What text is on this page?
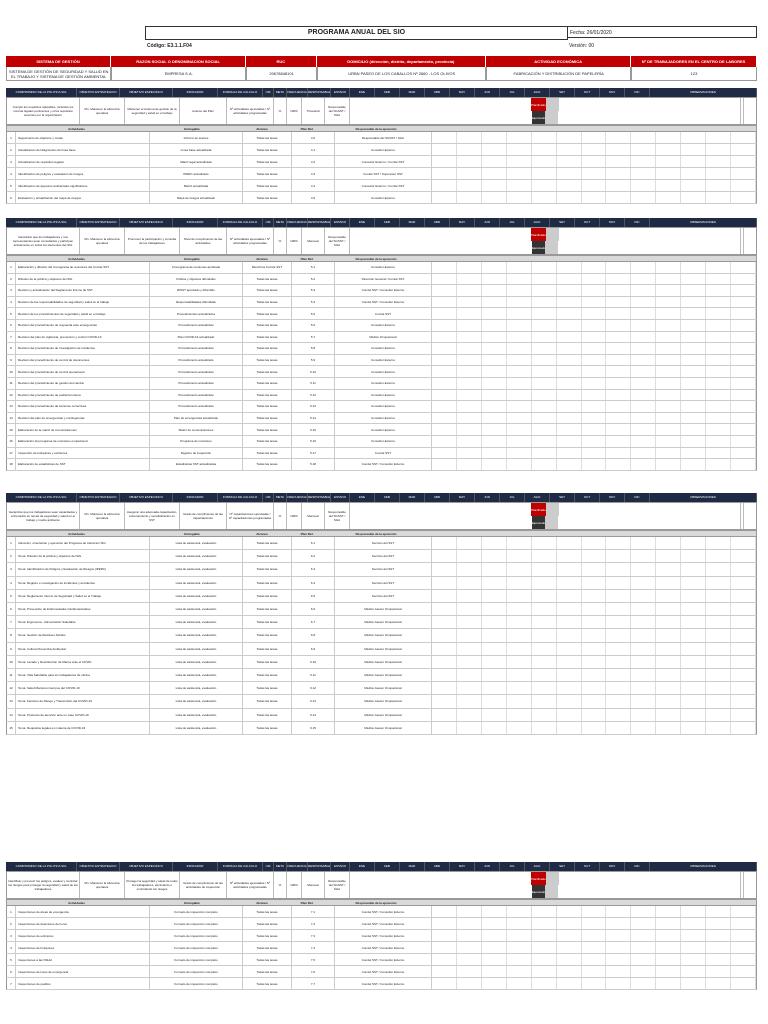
PROGRAMA ANUAL DEL SIO	Fecha: 26/01/2020
Código: E3.1.1.F04	Versión: 00
SISTEMA DE GESTIÓN	RAZON SOCIAL O DENOMINACION SOCIAL	RUC	DOMICILIO (dirección, distrito, departamento, provincia)	ACTIVIDAD ECONÓMICA	Nº DE TRABAJADORES EN EL CENTRO DE LABORES
SISTEMA DE GESTIÓN DE SEGURIDAD Y SALUD EN EL TRABAJO Y SISTEMA DE GESTIÓN AMBIENTAL	EMPRESA S.A.	20678848101	URBN PASEO DE LOS CABALLOS Nº 2660 - LOS OLIVOS	FABRICACIÓN Y DISTRIBUCIÓN DE PAPELERÍA	123
COMPROMISO DE LA POLITICA SIG	OBJETIVO ESTRATEGICO	OBJETIVO ESPECIFICO	INDICADOR	FORMULA DE CALCULO	UM	META	FRECUENCIA RESPONSABLE	ESTADO	ENE	FEB	MAR	ABR	MAY	JUN	JUL	AGO	SET	OCT	NOV	DIC	OBSERVACIONES
Cumplir los requisitos aplicables, incluidos los normas legales pertinentes y otros requisitos suscritos por la organización
Mn. Mantener la eficiencia operativa
Mantener el sistema de gestión de la seguridad y salud en el trabajo	Avance del Plan	Nº actividades ejecutadas / Nº actividades programadas	%	100%	Trimestral
Responsable del SGSST / SGA
Planificado
Ejecutado
Actividades	Entregable	Alcance	Plan Ref.	Responsable de la ejecución
1	Seguimiento de objetivos y metas	Informe de avance	Todas las áreas	4.0	Responsable del SGSST / SGA
2	Actualización del diagnóstico de línea base	Línea base actualizada	Todas las áreas	4.1	Consultor Externo
3	Actualización de requisitos legales	Matriz legal actualizada	Todas las áreas	4.2	Consultor Externo / Comité SST
4	Identificación de peligros y evaluación de riesgos	IPERC actualizado	Todas las áreas	4.3	Comité SST / Supervisor SST
5	Identificación de aspectos ambientales significativos	Matriz actualizada	Todas las áreas	4.4	Consultor Externo / Comité SST
6	Evaluación y actualización del mapa de riesgos	Mapa de riesgos actualizado	Todas las áreas	4.5	Consultor Externo
COMPROMISO DE LA POLITICA SIG	OBJETIVO ESTRATEGICO	OBJETIVO ESPECIFICO	INDICADOR	FORMULA DE CALCULO	UM	META	FRECUENCIA RESPONSABLE	ESTADO	ENE	FEB	MAR	ABR	MAY	JUN	JUL	AGO	SET	OCT	NOV	DIC	OBSERVACIONES
Garantizar que los trabajadores y sus representantes sean consultados y participen activamente en todos los elementos del SIG
Mn. Mantener la eficiencia operativa
Promover la participación y consulta de los trabajadores
Nivel de cumplimiento de las actividades
Nº actividades ejecutadas / Nº actividades programadas	%	100%	Mensual
Responsable del SGSST / SGA
Planificado
Ejecutado
Actividades	Entregable	Alcance	Plan Ref.	Responsable de la ejecución
1	Elaboración y difusión del cronograma de reuniones del Comité SST	Cronograma de reuniones aprobado	Miembros Comité SST	5.1	Consultor Externo
2	Difusión de la política y objetivos del SIG	Política y objetivos difundidos	Todas las áreas	5.2	Dirección General / Comité SST
3	Revisión y actualización del Reglamento Interno de SST	RISST aprobado y difundido	Todas las áreas	5.3	Comité SST / Consultor Externo
4	Revisión de las responsabilidades de seguridad y salud en el trabajo	Responsabilidades difundidas	Todas las áreas	5.4	Comité SST / Consultor Externo
5	Revisión de los procedimientos de seguridad y salud en el trabajo	Procedimientos actualizados	Todas las áreas	5.5	Comité SST
6	Revisión del procedimiento de respuesta ante emergencias	Procedimiento actualizado	Todas las áreas	5.6	Consultor Externo
7	Revisión del plan de vigilancia, prevención y control COVID-19	Plan COVID-19 actualizado	Todas las áreas	5.7	Médico Ocupacional
8	Revisión del procedimiento de investigación de incidentes	Procedimiento actualizado	Todas las áreas	5.8	Consultor Externo
9	Revisión del procedimiento de control de documentos	Procedimiento actualizado	Todas las áreas	5.9	Consultor Externo
10	Revisión del procedimiento de control operacional	Procedimiento actualizado	Todas las áreas	5.10	Consultor Externo
11	Revisión del procedimiento de gestión del cambio	Procedimiento actualizado	Todas las áreas	5.11	Consultor Externo
12	Revisión del procedimiento de auditoría interna	Procedimiento actualizado	Todas las áreas	5.12	Consultor Externo
13	Revisión del procedimiento de acciones correctivas	Procedimiento actualizado	Todas las áreas	5.13	Consultor Externo
14	Revisión del plan de emergencias y contingencias	Plan de emergencias actualizado	Todas las áreas	5.14	Consultor Externo
15	Elaboración de la matriz de comunicaciones	Matriz de comunicaciones	Todas las áreas	5.15	Consultor Externo
16	Elaboración del programa de monitoreo ocupacional	Programa de monitoreo	Todas las áreas	5.16	Consultor Externo
17	Inspección de botiquines y extintores	Registro de inspección	Todas las áreas	5.17	Comité SST
18	Elaboración de estadísticas de SST	Estadísticas SST actualizadas	Todas las áreas	5.18	Comité SST / Consultor Externo
COMPROMISO DE LA POLITICA SIG	OBJETIVO ESTRATEGICO	OBJETIVO ESPECIFICO	INDICADOR	FORMULA DE CALCULO	UM	META	FRECUENCIA RESPONSABLE	ESTADO	ENE	FEB	MAR	ABR	MAY	JUN	JUL	AGO	SET	OCT	NOV	DIC	OBSERVACIONES
Garantizar que los trabajadores sean capacitados y entrenados en temas de seguridad y salud en el trabajo y medio ambiente
Mn. Mantener la eficiencia operativa
Asegurar una adecuada capacitación, entrenamiento y sensibilización en SST
Grado de cumplimiento de las capacitaciones
Nº capacitaciones ejecutadas / Nº capacitaciones programadas	%	100%	Mensual
Responsable del SGSST / SGA
Planificado
Ejecutado
Actividades	Entregable	Alcance	Plan Ref.	Responsable de la ejecución
1	Inducción, orientación y ejecución del Programa de Inducción SIG	Lista de asistencia, evaluación	Todas las áreas	6.1	Servicio del SST
2	Tema: Difusión de la política y objetivos del SIG	Lista de asistencia, evaluación	Todas las áreas	6.2	Servicio del SST
3	Tema: Identificación de Peligros y Evaluación de Riesgos (IPERC)	Lista de asistencia, evaluación	Todas las áreas	6.3	Servicio del SST
4	Tema: Registro e investigación de incidentes y accidentes	Lista de asistencia, evaluación	Todas las áreas	6.4	Servicio del SST
5	Tema: Reglamento Interno de Seguridad y Salud en el Trabajo	Lista de asistencia, evaluación	Todas las áreas	6.5	Servicio del SST
6	Tema: Prevención de Enfermedades Cardiovasculares	Lista de asistencia, evaluación	Todas las áreas	6.6	Médico Asesor Ocupacional
7	Tema: Ergonomía - Alimentación Saludable	Lista de asistencia, evaluación	Todas las áreas	6.7	Médico Asesor Ocupacional
8	Tema: Gestión de Residuos Sólidos	Lista de asistencia, evaluación	Todas las áreas	6.8	Médico Asesor Ocupacional
9	Tema: Cultura Preventiva Ambiental	Lista de asistencia, evaluación	Todas las áreas	6.9	Médico Asesor Ocupacional
10	Tema: Lavado y Desinfección de Manos ante el COVID	Lista de asistencia, evaluación	Todas las áreas	6.10	Médico Asesor Ocupacional
11	Tema: Vida Saludable para los trabajadores de oficina	Lista de asistencia, evaluación	Todas las áreas	6.11	Médico Asesor Ocupacional
12	Tema: Salud Mental en tiempos del COVID-19	Lista de asistencia, evaluación	Todas las áreas	6.12	Médico Asesor Ocupacional
13	Tema: Factores de Riesgo y Transmisión del COVID-19	Lista de asistencia, evaluación	Todas las áreas	6.13	Médico Asesor Ocupacional
14	Tema: Protocolo de atención ante un caso COVID-19	Lista de asistencia, evaluación	Todas las áreas	6.14	Médico Asesor Ocupacional
15	Tema: Requisitos legales en materia de COVID-19	Lista de asistencia, evaluación	Todas las áreas	6.15	Médico Asesor Ocupacional
COMPROMISO DE LA POLITICA SIG	OBJETIVO ESTRATEGICO	OBJETIVO ESPECIFICO	INDICADOR	FORMULA DE CALCULO	UM	META	FRECUENCIA RESPONSABLE	ESTADO	ENE	FEB	MAR	ABR	MAY	JUN	JUL	AGO	SET	OCT	NOV	DIC	OBSERVACIONES
Identificar y prevenir los peligros, evaluar y controlar los riesgos para proteger la seguridad y salud de los trabajadores
Mn. Mantener la eficiencia operativa
Proteger la seguridad y salud de todos los trabajadores, eliminando o controlando los riesgos
Grado de cumplimiento de las actividades de inspección
Nº actividades ejecutadas / Nº actividades programadas	%	100%	Mensual
Responsable del SGSST / SGA
Planificado
Ejecutado
Actividades	Entregable	Alcance	Plan Ref.	Responsable de la ejecución
1	Inspecciones de áreas de emergencia	Formato de inspección completo	Todas las áreas	7.1	Comité SST / Consultor Externo
2	Inspecciones de detectores de humo	Formato de inspección completo	Todas las áreas	7.2	Comité SST / Consultor Externo
3	Inspecciones de extintores	Formato de inspección completo	Todas las áreas	7.3	Comité SST / Consultor Externo
4	Inspecciones de botiquines	Formato de inspección completo	Todas las áreas	7.4	Comité SST / Consultor Externo
5	Inspecciones a las SSHH	Formato de inspección completo	Todas las áreas	7.5	Comité SST / Consultor Externo
6	Inspecciones de luces de emergencia	Formato de inspección completo	Todas las áreas	7.6	Comité SST / Consultor Externo
7	Inspecciones de pasillos	Formato de inspección completo	Todas las áreas	7.7	Comité SST / Consultor Externo
